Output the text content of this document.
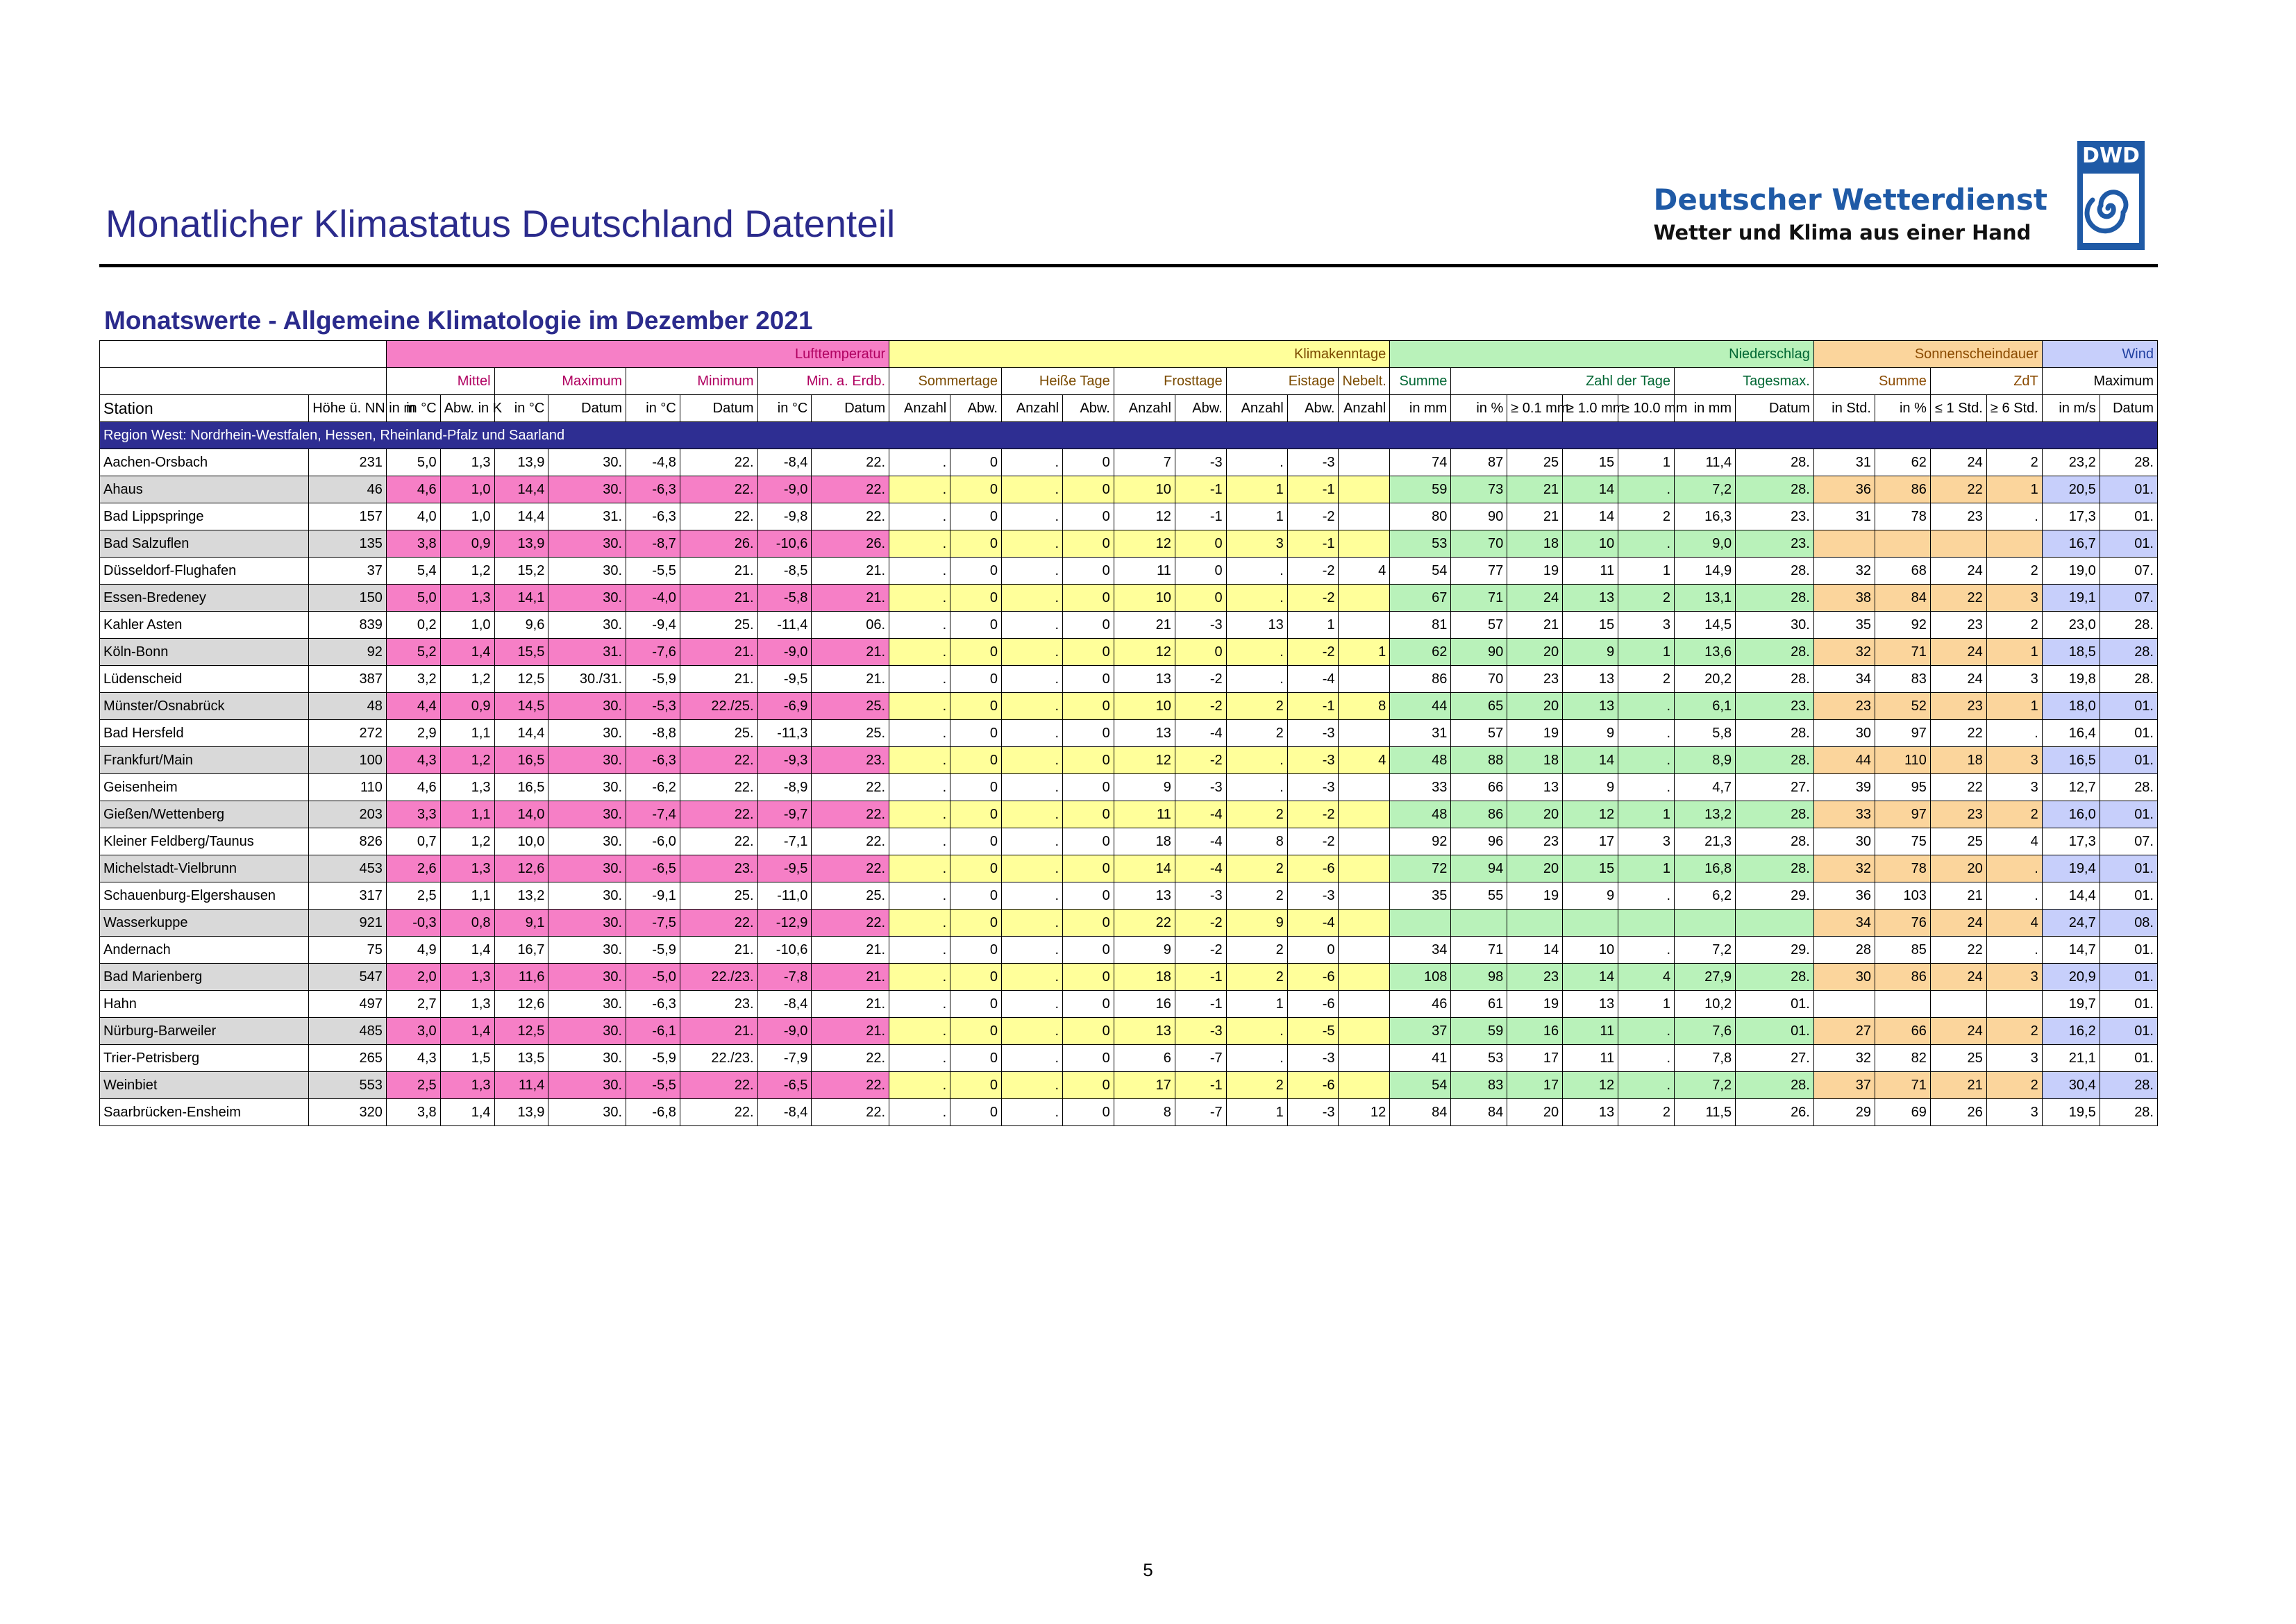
Monatlicher Klimastatus Deutschland Datenteil
Deutscher Wetterdienst
Wetter und Klima aus einer Hand
DWD
Monatswerte - Allgemeine Klimatologie im Dezember 2021
		Lufttemperatur								Klimakenntage									Niederschlag							Sonnenscheindauer				Wind	
		Mittel		Maximum		Minimum		Min. a. Erdb.		Sommertage		Heiße Tage		Frosttage		Eistage		Nebelt.	Summe	Zahl der Tage				Tagesmax.		Summe		ZdT		Maximum	
Station	Höhe ü. NN in m	in °C	Abw. in K	in °C	Datum	in °C	Datum	in °C	Datum	Anzahl	Abw.	Anzahl	Abw.	Anzahl	Abw.	Anzahl	Abw.	Anzahl	in mm	in %	≥ 0.1 mm	≥ 1.0 mm	≥ 10.0 mm	in mm	Datum	in Std.	in %	≤ 1 Std.	≥ 6 Std.	in m/s	Datum
Region West: Nordrhein-Westfalen, Hessen, Rheinland-Pfalz und Saarland																															
Aachen-Orsbach	231	5,0	1,3	13,9	30.	-4,8	22.	-8,4	22.	.	0	.	0	7	-3	.	-3		74	87	25	15	1	11,4	28.	31	62	24	2	23,2	28.
Ahaus	46	4,6	1,0	14,4	30.	-6,3	22.	-9,0	22.	.	0	.	0	10	-1	1	-1		59	73	21	14	.	7,2	28.	36	86	22	1	20,5	01.
Bad Lippspringe	157	4,0	1,0	14,4	31.	-6,3	22.	-9,8	22.	.	0	.	0	12	-1	1	-2		80	90	21	14	2	16,3	23.	31	78	23	.	17,3	01.
Bad Salzuflen	135	3,8	0,9	13,9	30.	-8,7	26.	-10,6	26.	.	0	.	0	12	0	3	-1		53	70	18	10	.	9,0	23.					16,7	01.
Düsseldorf-Flughafen	37	5,4	1,2	15,2	30.	-5,5	21.	-8,5	21.	.	0	.	0	11	0	.	-2	4	54	77	19	11	1	14,9	28.	32	68	24	2	19,0	07.
Essen-Bredeney	150	5,0	1,3	14,1	30.	-4,0	21.	-5,8	21.	.	0	.	0	10	0	.	-2		67	71	24	13	2	13,1	28.	38	84	22	3	19,1	07.
Kahler Asten	839	0,2	1,0	9,6	30.	-9,4	25.	-11,4	06.	.	0	.	0	21	-3	13	1		81	57	21	15	3	14,5	30.	35	92	23	2	23,0	28.
Köln-Bonn	92	5,2	1,4	15,5	31.	-7,6	21.	-9,0	21.	.	0	.	0	12	0	.	-2	1	62	90	20	9	1	13,6	28.	32	71	24	1	18,5	28.
Lüdenscheid	387	3,2	1,2	12,5	30./31.	-5,9	21.	-9,5	21.	.	0	.	0	13	-2	.	-4		86	70	23	13	2	20,2	28.	34	83	24	3	19,8	28.
Münster/Osnabrück	48	4,4	0,9	14,5	30.	-5,3	22./25.	-6,9	25.	.	0	.	0	10	-2	2	-1	8	44	65	20	13	.	6,1	23.	23	52	23	1	18,0	01.
Bad Hersfeld	272	2,9	1,1	14,4	30.	-8,8	25.	-11,3	25.	.	0	.	0	13	-4	2	-3		31	57	19	9	.	5,8	28.	30	97	22	.	16,4	01.
Frankfurt/Main	100	4,3	1,2	16,5	30.	-6,3	22.	-9,3	23.	.	0	.	0	12	-2	.	-3	4	48	88	18	14	.	8,9	28.	44	110	18	3	16,5	01.
Geisenheim	110	4,6	1,3	16,5	30.	-6,2	22.	-8,9	22.	.	0	.	0	9	-3	.	-3		33	66	13	9	.	4,7	27.	39	95	22	3	12,7	28.
Gießen/Wettenberg	203	3,3	1,1	14,0	30.	-7,4	22.	-9,7	22.	.	0	.	0	11	-4	2	-2		48	86	20	12	1	13,2	28.	33	97	23	2	16,0	01.
Kleiner Feldberg/Taunus	826	0,7	1,2	10,0	30.	-6,0	22.	-7,1	22.	.	0	.	0	18	-4	8	-2		92	96	23	17	3	21,3	28.	30	75	25	4	17,3	07.
Michelstadt-Vielbrunn	453	2,6	1,3	12,6	30.	-6,5	23.	-9,5	22.	.	0	.	0	14	-4	2	-6		72	94	20	15	1	16,8	28.	32	78	20	.	19,4	01.
Schauenburg-Elgershausen	317	2,5	1,1	13,2	30.	-9,1	25.	-11,0	25.	.	0	.	0	13	-3	2	-3		35	55	19	9	.	6,2	29.	36	103	21	.	14,4	01.
Wasserkuppe	921	-0,3	0,8	9,1	30.	-7,5	22.	-12,9	22.	.	0	.	0	22	-2	9	-4									34	76	24	4	24,7	08.
Andernach	75	4,9	1,4	16,7	30.	-5,9	21.	-10,6	21.	.	0	.	0	9	-2	2	0		34	71	14	10	.	7,2	29.	28	85	22	.	14,7	01.
Bad Marienberg	547	2,0	1,3	11,6	30.	-5,0	22./23.	-7,8	21.	.	0	.	0	18	-1	2	-6		108	98	23	14	4	27,9	28.	30	86	24	3	20,9	01.
Hahn	497	2,7	1,3	12,6	30.	-6,3	23.	-8,4	21.	.	0	.	0	16	-1	1	-6		46	61	19	13	1	10,2	01.					19,7	01.
Nürburg-Barweiler	485	3,0	1,4	12,5	30.	-6,1	21.	-9,0	21.	.	0	.	0	13	-3	.	-5		37	59	16	11	.	7,6	01.	27	66	24	2	16,2	01.
Trier-Petrisberg	265	4,3	1,5	13,5	30.	-5,9	22./23.	-7,9	22.	.	0	.	0	6	-7	.	-3		41	53	17	11	.	7,8	27.	32	82	25	3	21,1	01.
Weinbiet	553	2,5	1,3	11,4	30.	-5,5	22.	-6,5	22.	.	0	.	0	17	-1	2	-6		54	83	17	12	.	7,2	28.	37	71	21	2	30,4	28.
Saarbrücken-Ensheim	320	3,8	1,4	13,9	30.	-6,8	22.	-8,4	22.	.	0	.	0	8	-7	1	-3	12	84	84	20	13	2	11,5	26.	29	69	26	3	19,5	28.
5
